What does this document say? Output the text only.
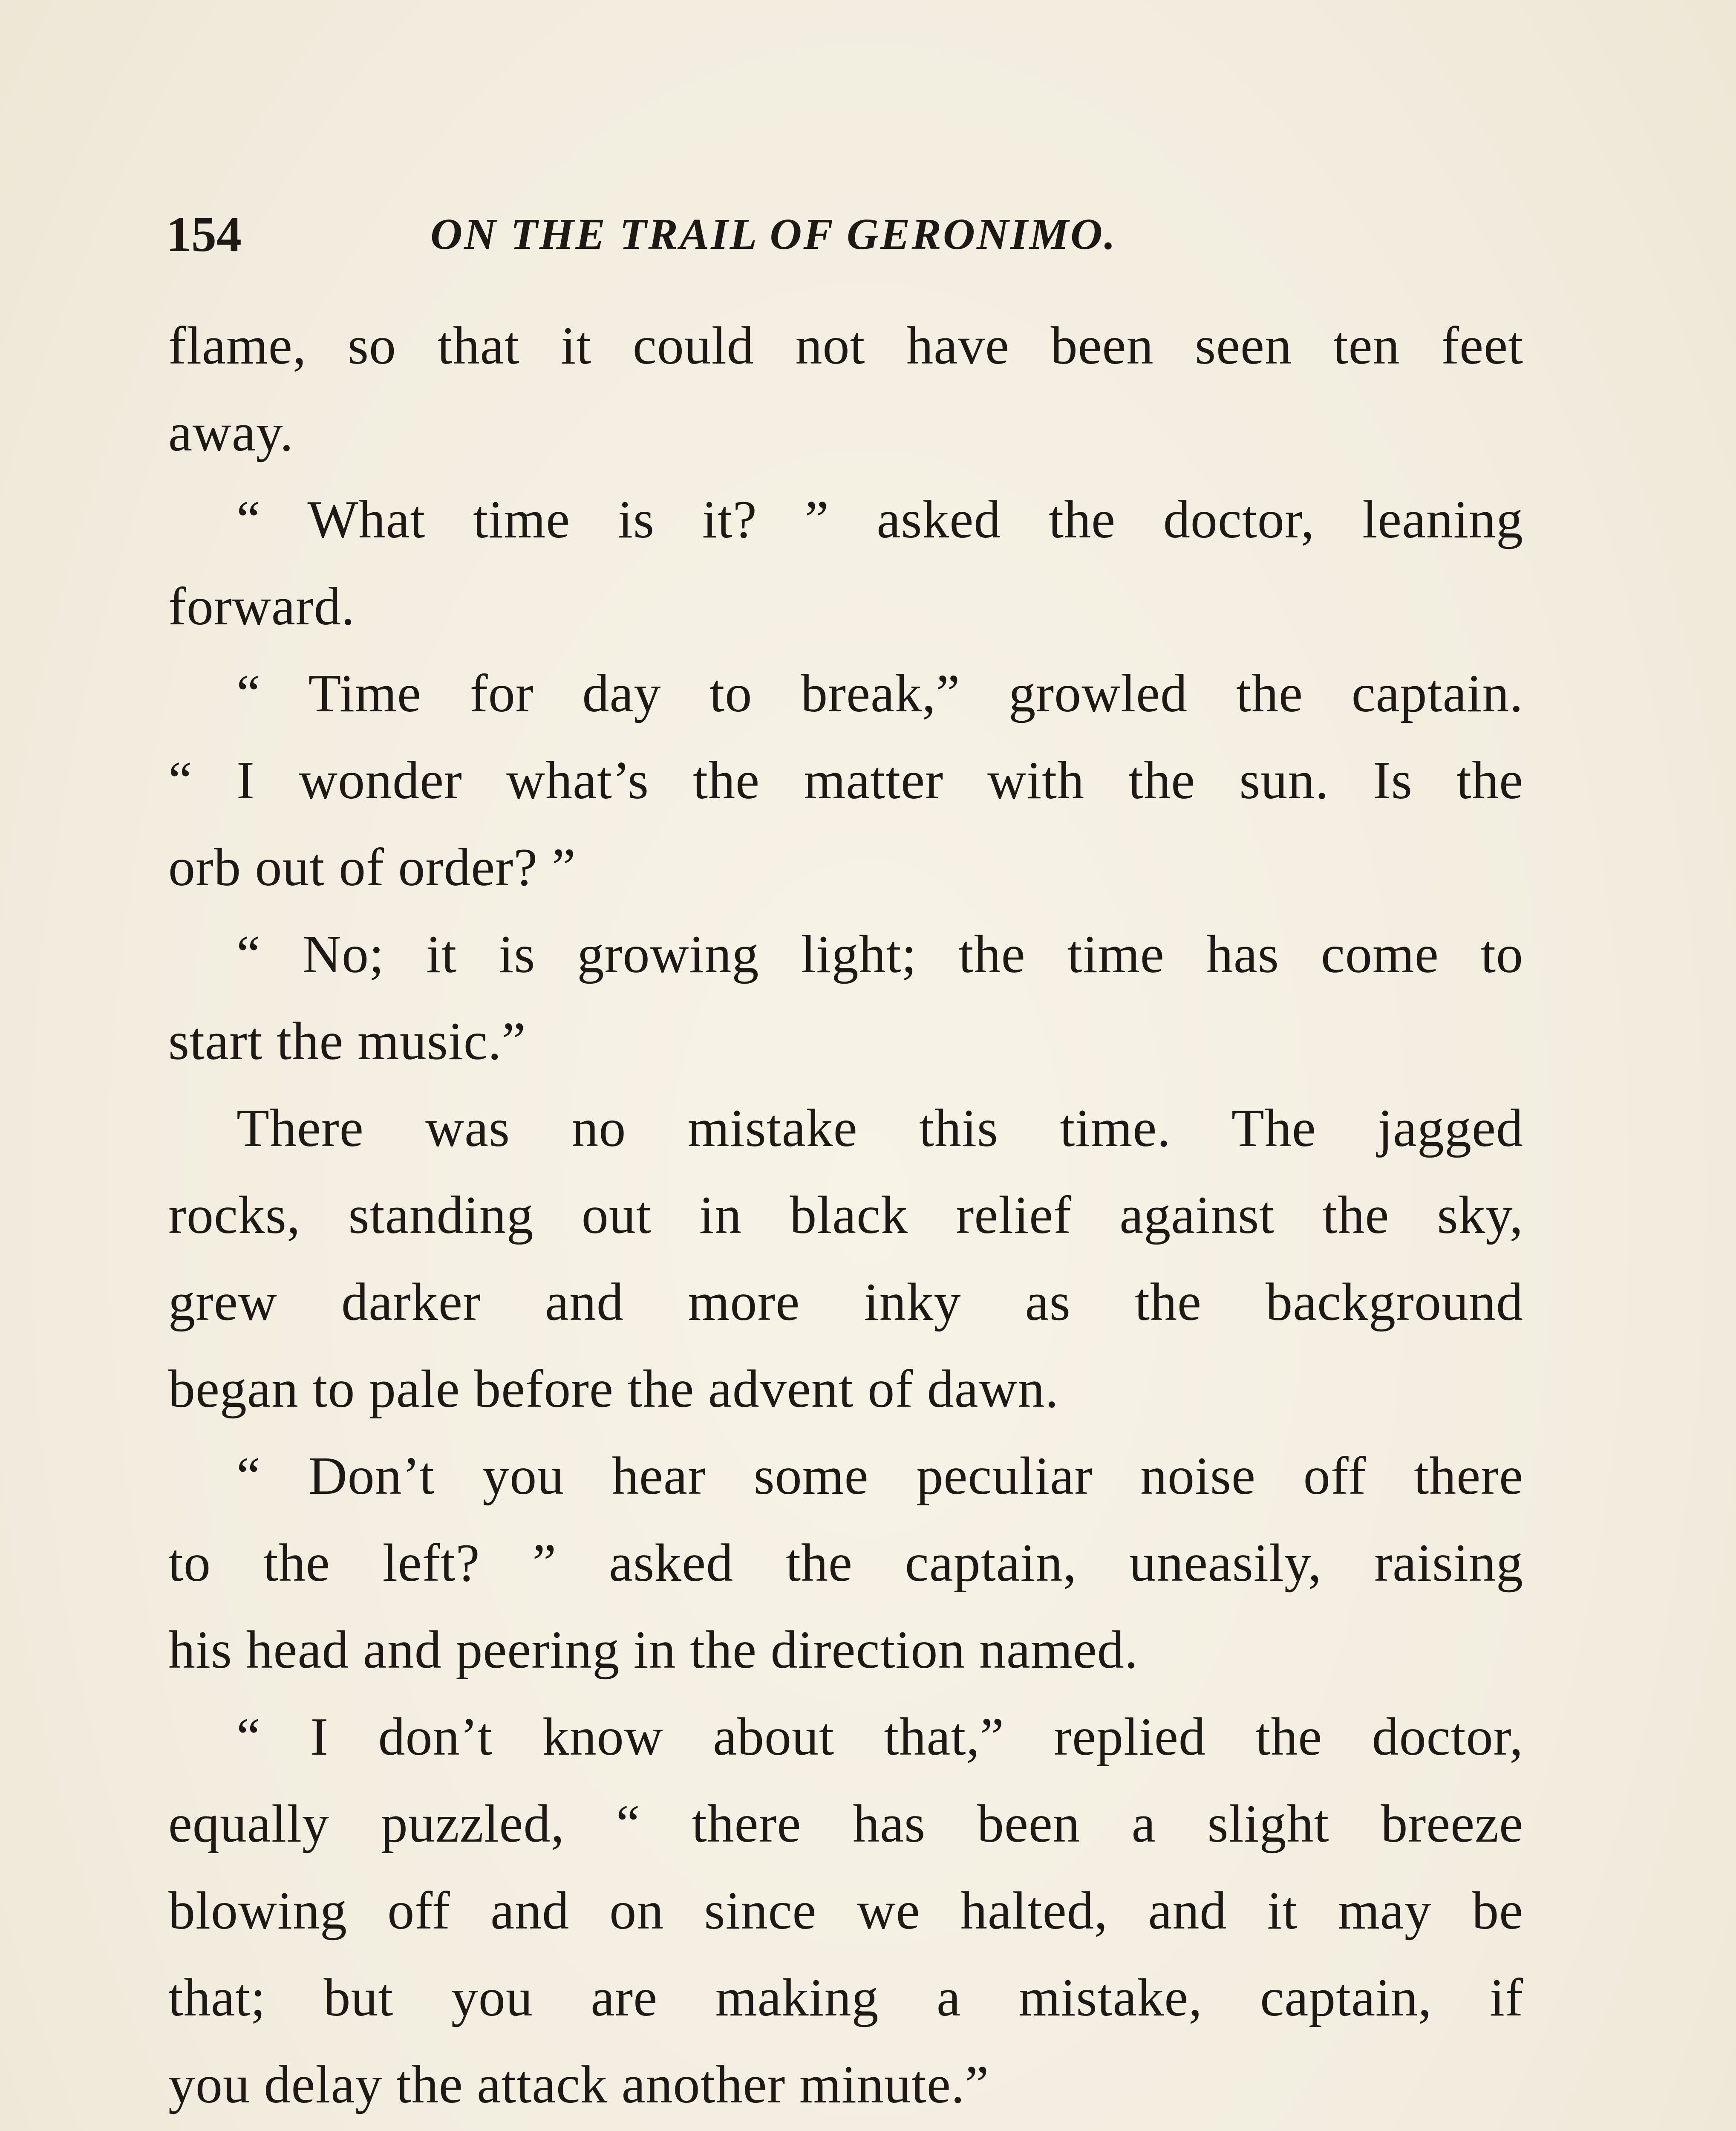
154	ON THE TRAIL OF GERONIMO.
flame, so that it could not have been seen ten feet
away.
“ What time is it? ” asked the doctor, leaning
forward.
“ Time for day to break,” growled the captain.
“ I wonder what’s the matter with the sun. Is the
orb out of order? ”
“ No; it is growing light; the time has come to
start the music.”
There was no mistake this time. The jagged
rocks, standing out in black relief against the sky,
grew darker and more inky as the background
began to pale before the advent of dawn.
“ Don’t you hear some peculiar noise off there
to the left? ” asked the captain, uneasily, raising
his head and peering in the direction named.
“ I don’t know about that,” replied the doctor,
equally puzzled, “ there has been a slight breeze
blowing off and on since we halted, and it may be
that; but you are making a mistake, captain, if
you delay the attack another minute.”
